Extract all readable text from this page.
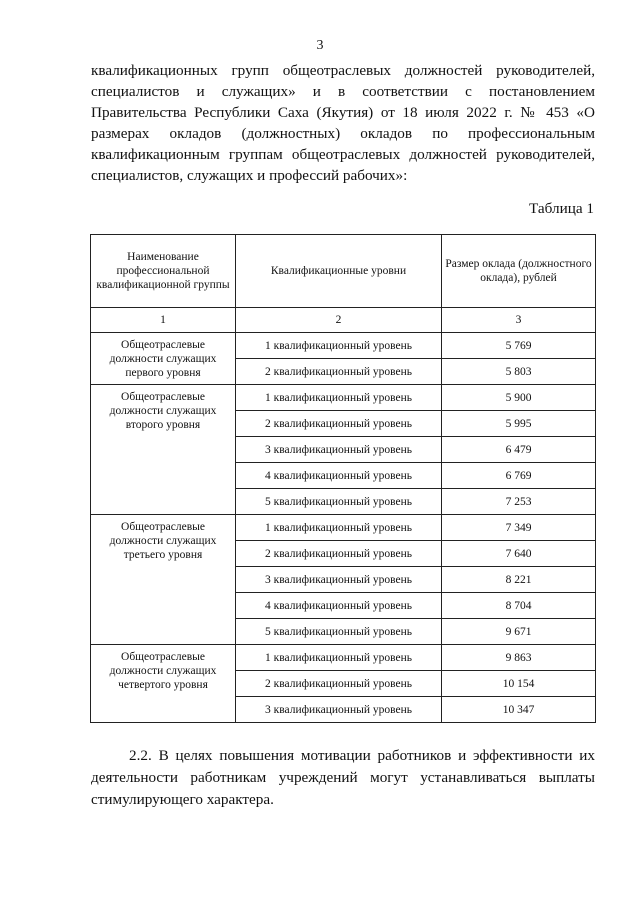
3
квалификационных групп общеотраслевых должностей руководителей, специалистов и служащих» и в соответствии с постановлением Правительства Республики Саха (Якутия) от 18 июля 2022 г. № 453 «О размерах окладов (должностных) окладов по профессиональным квалификационным группам общеотраслевых должностей руководителей, специалистов, служащих и профессий рабочих»:
Таблица 1
Наименование профессиональной квалификационной группы	Квалификационные уровни	Размер оклада (должностного оклада), рублей
1	2	3
Общеотраслевые должности служащих первого уровня	1 квалификационный уровень	5 769
	2 квалификационный уровень	5 803
Общеотраслевые должности служащих второго уровня	1 квалификационный уровень	5 900
	2 квалификационный уровень	5 995
	3 квалификационный уровень	6 479
	4 квалификационный уровень	6 769
	5 квалификационный уровень	7 253
Общеотраслевые должности служащих третьего уровня	1 квалификационный уровень	7 349
	2 квалификационный уровень	7 640
	3 квалификационный уровень	8 221
	4 квалификационный уровень	8 704
	5 квалификационный уровень	9 671
Общеотраслевые должности служащих четвертого уровня	1 квалификационный уровень	9 863
	2 квалификационный уровень	10 154
	3 квалификационный уровень	10 347
2.2. В целях повышения мотивации работников и эффективности их деятельности работникам учреждений могут устанавливаться выплаты стимулирующего характера.
